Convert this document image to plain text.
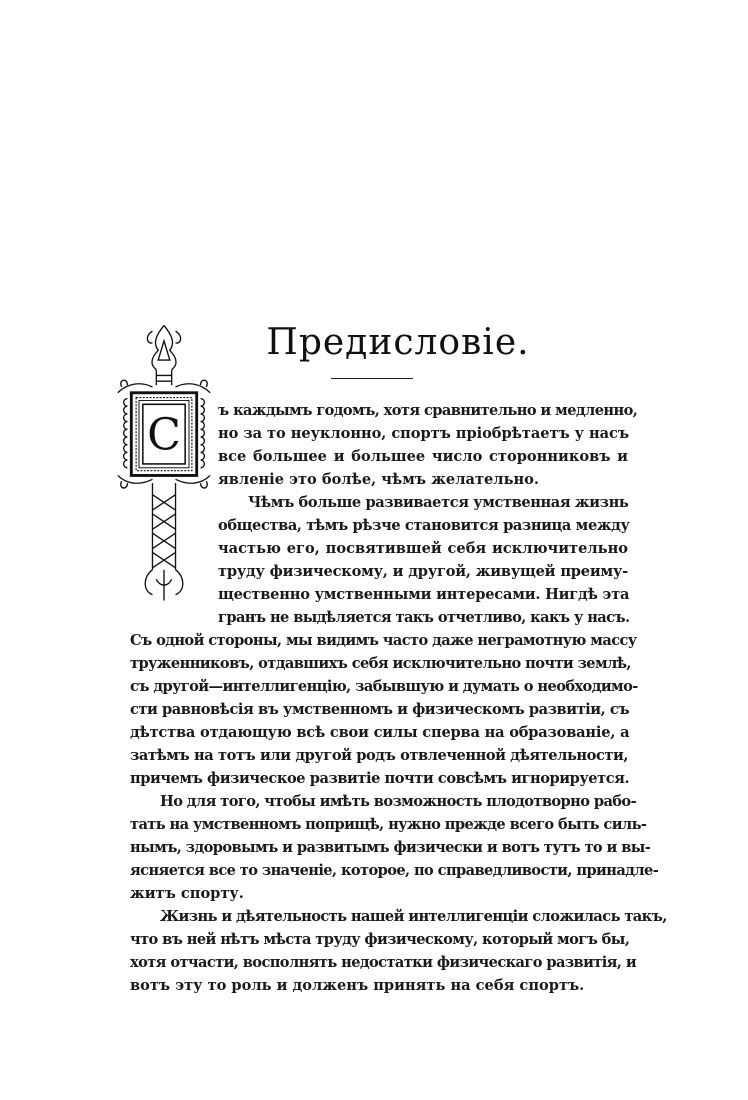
Предисловіе.
С	ъ каждымъ годомъ, хотя сравнительно и медленно,
но за то неуклонно, спортъ пріобрѣтаетъ у насъ
все большее и большее число сторонниковъ и
явленіе это болѣе, чѣмъ желательно.
Чѣмъ больше развивается умственная жизнь
общества, тѣмъ рѣзче становится разница между
частью его, посвятившей себя исключительно
труду физическому, и другой, живущей преиму-
щественно умственными интересами. Нигдѣ эта
гранъ не выдѣляется такъ отчетливо, какъ у насъ.
Съ одной стороны, мы видимъ часто даже неграмотную массу
труженниковъ, отдавшихъ себя исключительно почти землѣ,
съ другой—интеллигенцію, забывшую и думать о необходимо-
сти равновѣсія въ умственномъ и физическомъ развитіи, съ
дѣтства отдающую всѣ свои силы сперва на образованіе, а
затѣмъ на тотъ или другой родъ отвлеченной дѣятельности,
причемъ физическое развитіе почти совсѣмъ игнорируется.
Но для того, чтобы имѣть возможность плодотворно рабо-
тать на умственномъ поприщѣ, нужно прежде всего быть силь-
нымъ, здоровымъ и развитымъ физически и вотъ тутъ то и вы-
ясняется все то значеніе, которое, по справедливости, принадле-
житъ спорту.
Жизнь и дѣятельность нашей интеллигенціи сложилась такъ,
что въ ней нѣтъ мѣста труду физическому, который могъ бы,
хотя отчасти, восполнять недостатки физическаго развитія, и
вотъ эту то роль и долженъ принять на себя спортъ.
